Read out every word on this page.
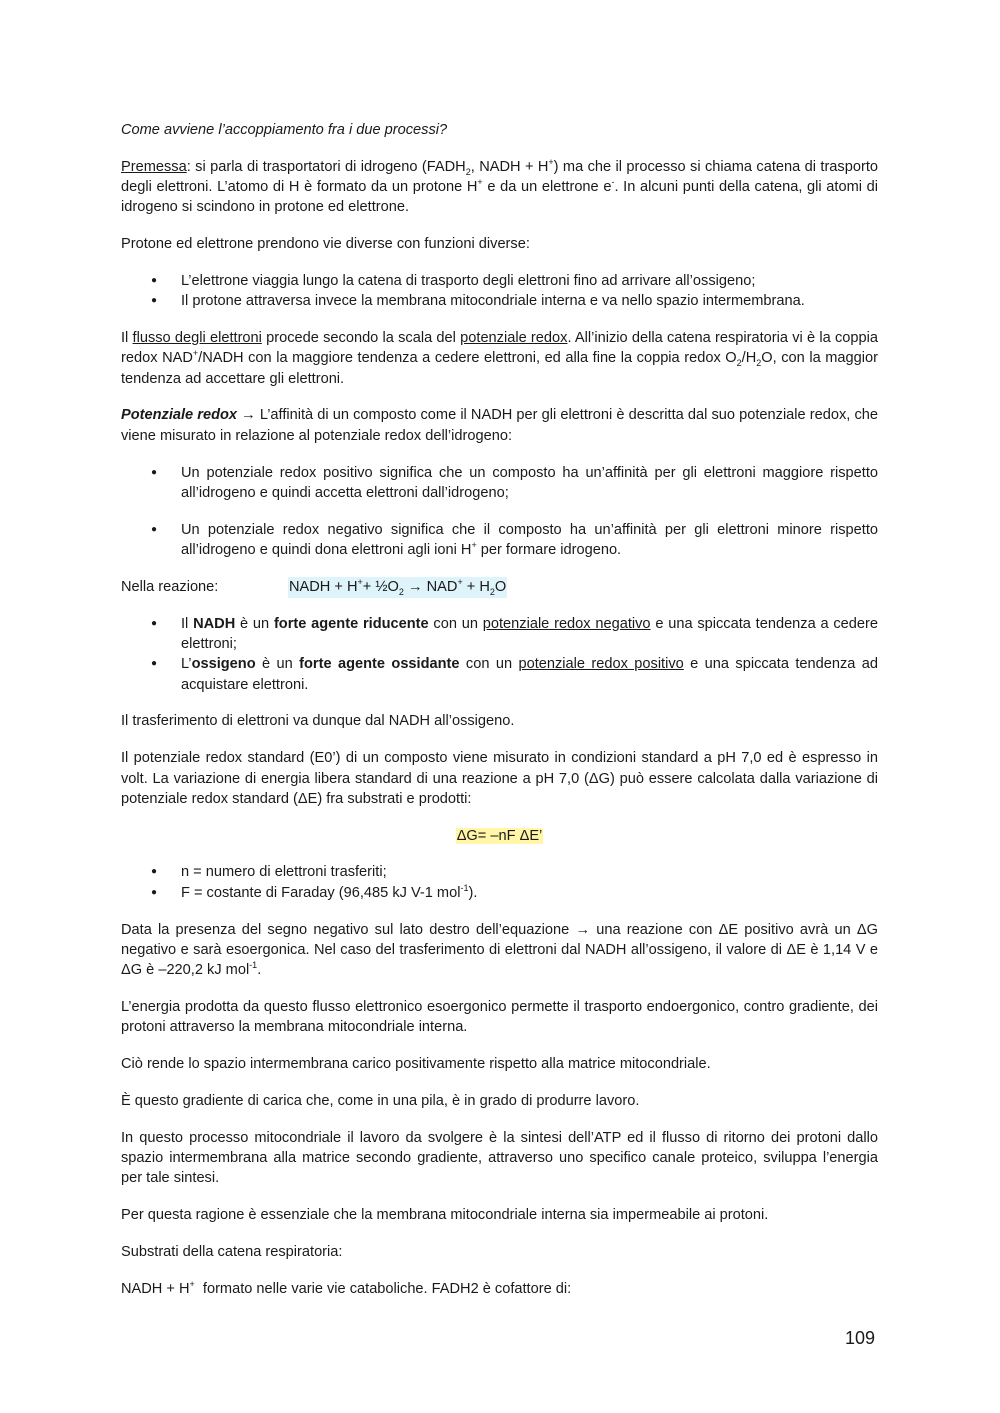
Come avviene l’accoppiamento fra i due processi?

Premessa: si parla di trasportatori di idrogeno ($FADH_2$, NADH + H+) ma che il processo si chiama catena di trasporto degli elettroni. L’atomo di H è formato da un protone H+ e da un elettrone e-. In alcuni punti della catena, gli atomi di idrogeno si scindono in protone ed elettrone.

Protone ed elettrone prendono vie diverse con funzioni diverse:

● L’elettrone viaggia lungo la catena di trasporto degli elettroni fino ad arrivare all’ossigeno;
● Il protone attraversa invece la membrana mitocondriale interna e va nello spazio intermembrana.

Il flusso degli elettroni procede secondo la scala del potenziale redox. All’inizio della catena respiratoria vi è la coppia redox NAD+/NADH con la maggiore tendenza a cedere elettroni, ed alla fine la coppia redox $O_2/H_2O$, con la maggior tendenza ad accettare gli elettroni.

Potenziale redox → L’affinità di un composto come il NADH per gli elettroni è descritta dal suo potenziale redox, che viene misurato in relazione al potenziale redox dell’idrogeno:

● Un potenziale redox positivo significa che un composto ha un’affinità per gli elettroni maggiore rispetto all’idrogeno e quindi accetta elettroni dall’idrogeno;
● Un potenziale redox negativo significa che il composto ha un’affinità per gli elettroni minore rispetto all’idrogeno e quindi dona elettroni agli ioni H+ per formare idrogeno.
Nella reazione:	NADH + $H^++ \frac{1}{2}O_2 \to NAD^+ + H_2O$
● Il NADH è un forte agente riducente con un potenziale redox negativo e una spiccata tendenza a cedere elettroni;
● L’ossigeno è un forte agente ossidante con un potenziale redox positivo e una spiccata tendenza ad acquistare elettroni.

Il trasferimento di elettroni va dunque dal NADH all’ossigeno.

Il potenziale redox standard (E0’) di un composto viene misurato in condizioni standard a pH 7,0 ed è espresso in volt. La variazione di energia libera standard di una reazione a pH 7,0 (ΔG) può essere calcolata dalla variazione di potenziale redox standard (ΔE) fra substrati e prodotti:

ΔG= –nF ΔE’
● n = numero di elettroni trasferiti;
● F = costante di Faraday (96,485 kJ V-1 mol$^{-1}$).

Data la presenza del segno negativo sul lato destro dell’equazione → una reazione con ΔE positivo avrà un ΔG negativo e sarà esoergonica. Nel caso del trasferimento di elettroni dal NADH all’ossigeno, il valore di ΔE è 1,14 V e ΔG è –220,2 kJ mol$^{-1}$.

L’energia prodotta da questo flusso elettronico esoergonico permette il trasporto endoergonico, contro gradiente, dei protoni attraverso la membrana mitocondriale interna.

Ciò rende lo spazio intermembrana carico positivamente rispetto alla matrice mitocondriale.

È questo gradiente di carica che, come in una pila, è in grado di produrre lavoro.

In questo processo mitocondriale il lavoro da svolgere è la sintesi dell’ATP ed il flusso di ritorno dei protoni dallo spazio intermembrana alla matrice secondo gradiente, attraverso uno specifico canale proteico, sviluppa l’energia per tale sintesi.

Per questa ragione è essenziale che la membrana mitocondriale interna sia impermeabile ai protoni.

Substrati della catena respiratoria:

NADH + H+  formato nelle varie vie cataboliche. FADH2 è cofattore di:

109
